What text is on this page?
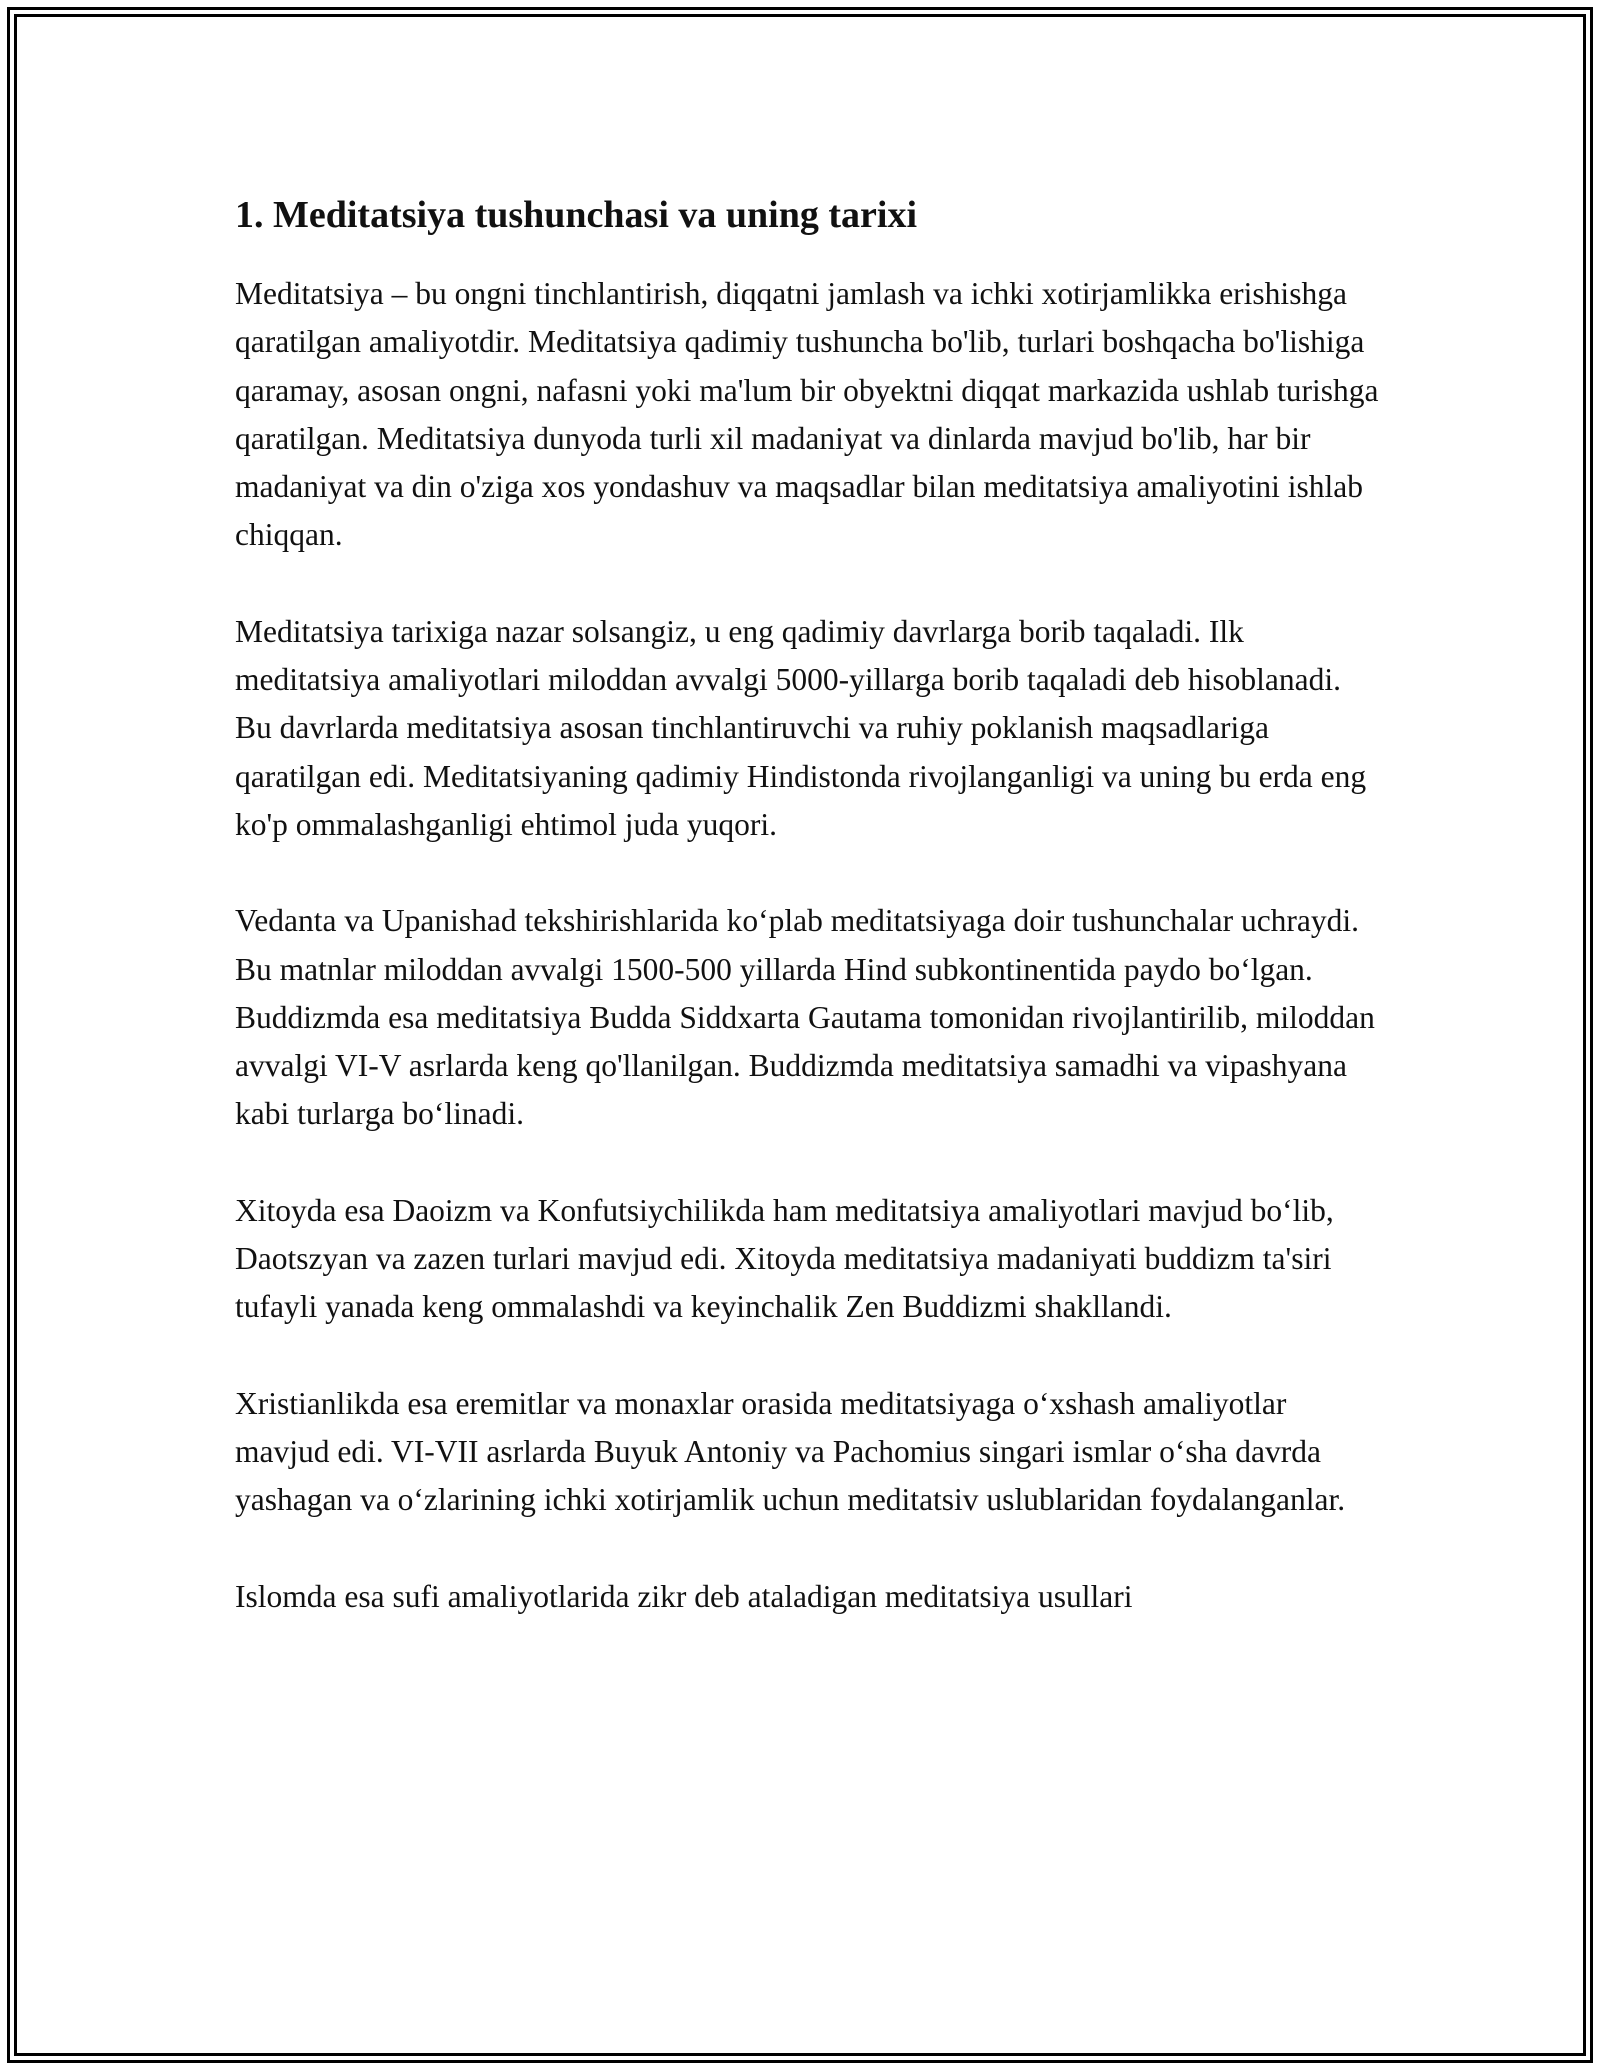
1. Meditatsiya tushunchasi va uning tarixi

Meditatsiya – bu ongni tinchlantirish, diqqatni jamlash va ichki xotirjamlikka erishishga qaratilgan amaliyotdir. Meditatsiya qadimiy tushuncha bo'lib, turlari boshqacha bo'lishiga qaramay, asosan ongni, nafasni yoki ma'lum bir obyektni diqqat markazida ushlab turishga qaratilgan. Meditatsiya dunyoda turli xil madaniyat va dinlarda mavjud bo'lib, har bir madaniyat va din o'ziga xos yondashuv va maqsadlar bilan meditatsiya amaliyotini ishlab chiqqan.

Meditatsiya tarixiga nazar solsangiz, u eng qadimiy davrlarga borib taqaladi. Ilk meditatsiya amaliyotlari miloddan avvalgi 5000-yillarga borib taqaladi deb hisoblanadi. Bu davrlarda meditatsiya asosan tinchlantiruvchi va ruhiy poklanish maqsadlariga qaratilgan edi. Meditatsiyaning qadimiy Hindistonda rivojlanganligi va uning bu erda eng ko'p ommalashganligi ehtimol juda yuqori.

Vedanta va Upanishad tekshirishlarida ko‘plab meditatsiyaga doir tushunchalar uchraydi. Bu matnlar miloddan avvalgi 1500-500 yillarda Hind subkontinentida paydo bo‘lgan. Buddizmda esa meditatsiya Budda Siddxarta Gautama tomonidan rivojlantirilib, miloddan avvalgi VI-V asrlarda keng qo'llanilgan. Buddizmda meditatsiya samadhi va vipashyana kabi turlarga bo‘linadi.

Xitoyda esa Daoizm va Konfutsiychilikda ham meditatsiya amaliyotlari mavjud bo‘lib, Daotszyan va zazen turlari mavjud edi. Xitoyda meditatsiya madaniyati buddizm ta'siri tufayli yanada keng ommalashdi va keyinchalik Zen Buddizmi shakllandi.

Xristianlikda esa eremitlar va monaxlar orasida meditatsiyaga o‘xshash amaliyotlar mavjud edi. VI-VII asrlarda Buyuk Antoniy va Pachomius singari ismlar o‘sha davrda yashagan va o‘zlarining ichki xotirjamlik uchun meditatsiv uslublaridan foydalanganlar.

Islomda esa sufi amaliyotlarida zikr deb ataladigan meditatsiya usullari
